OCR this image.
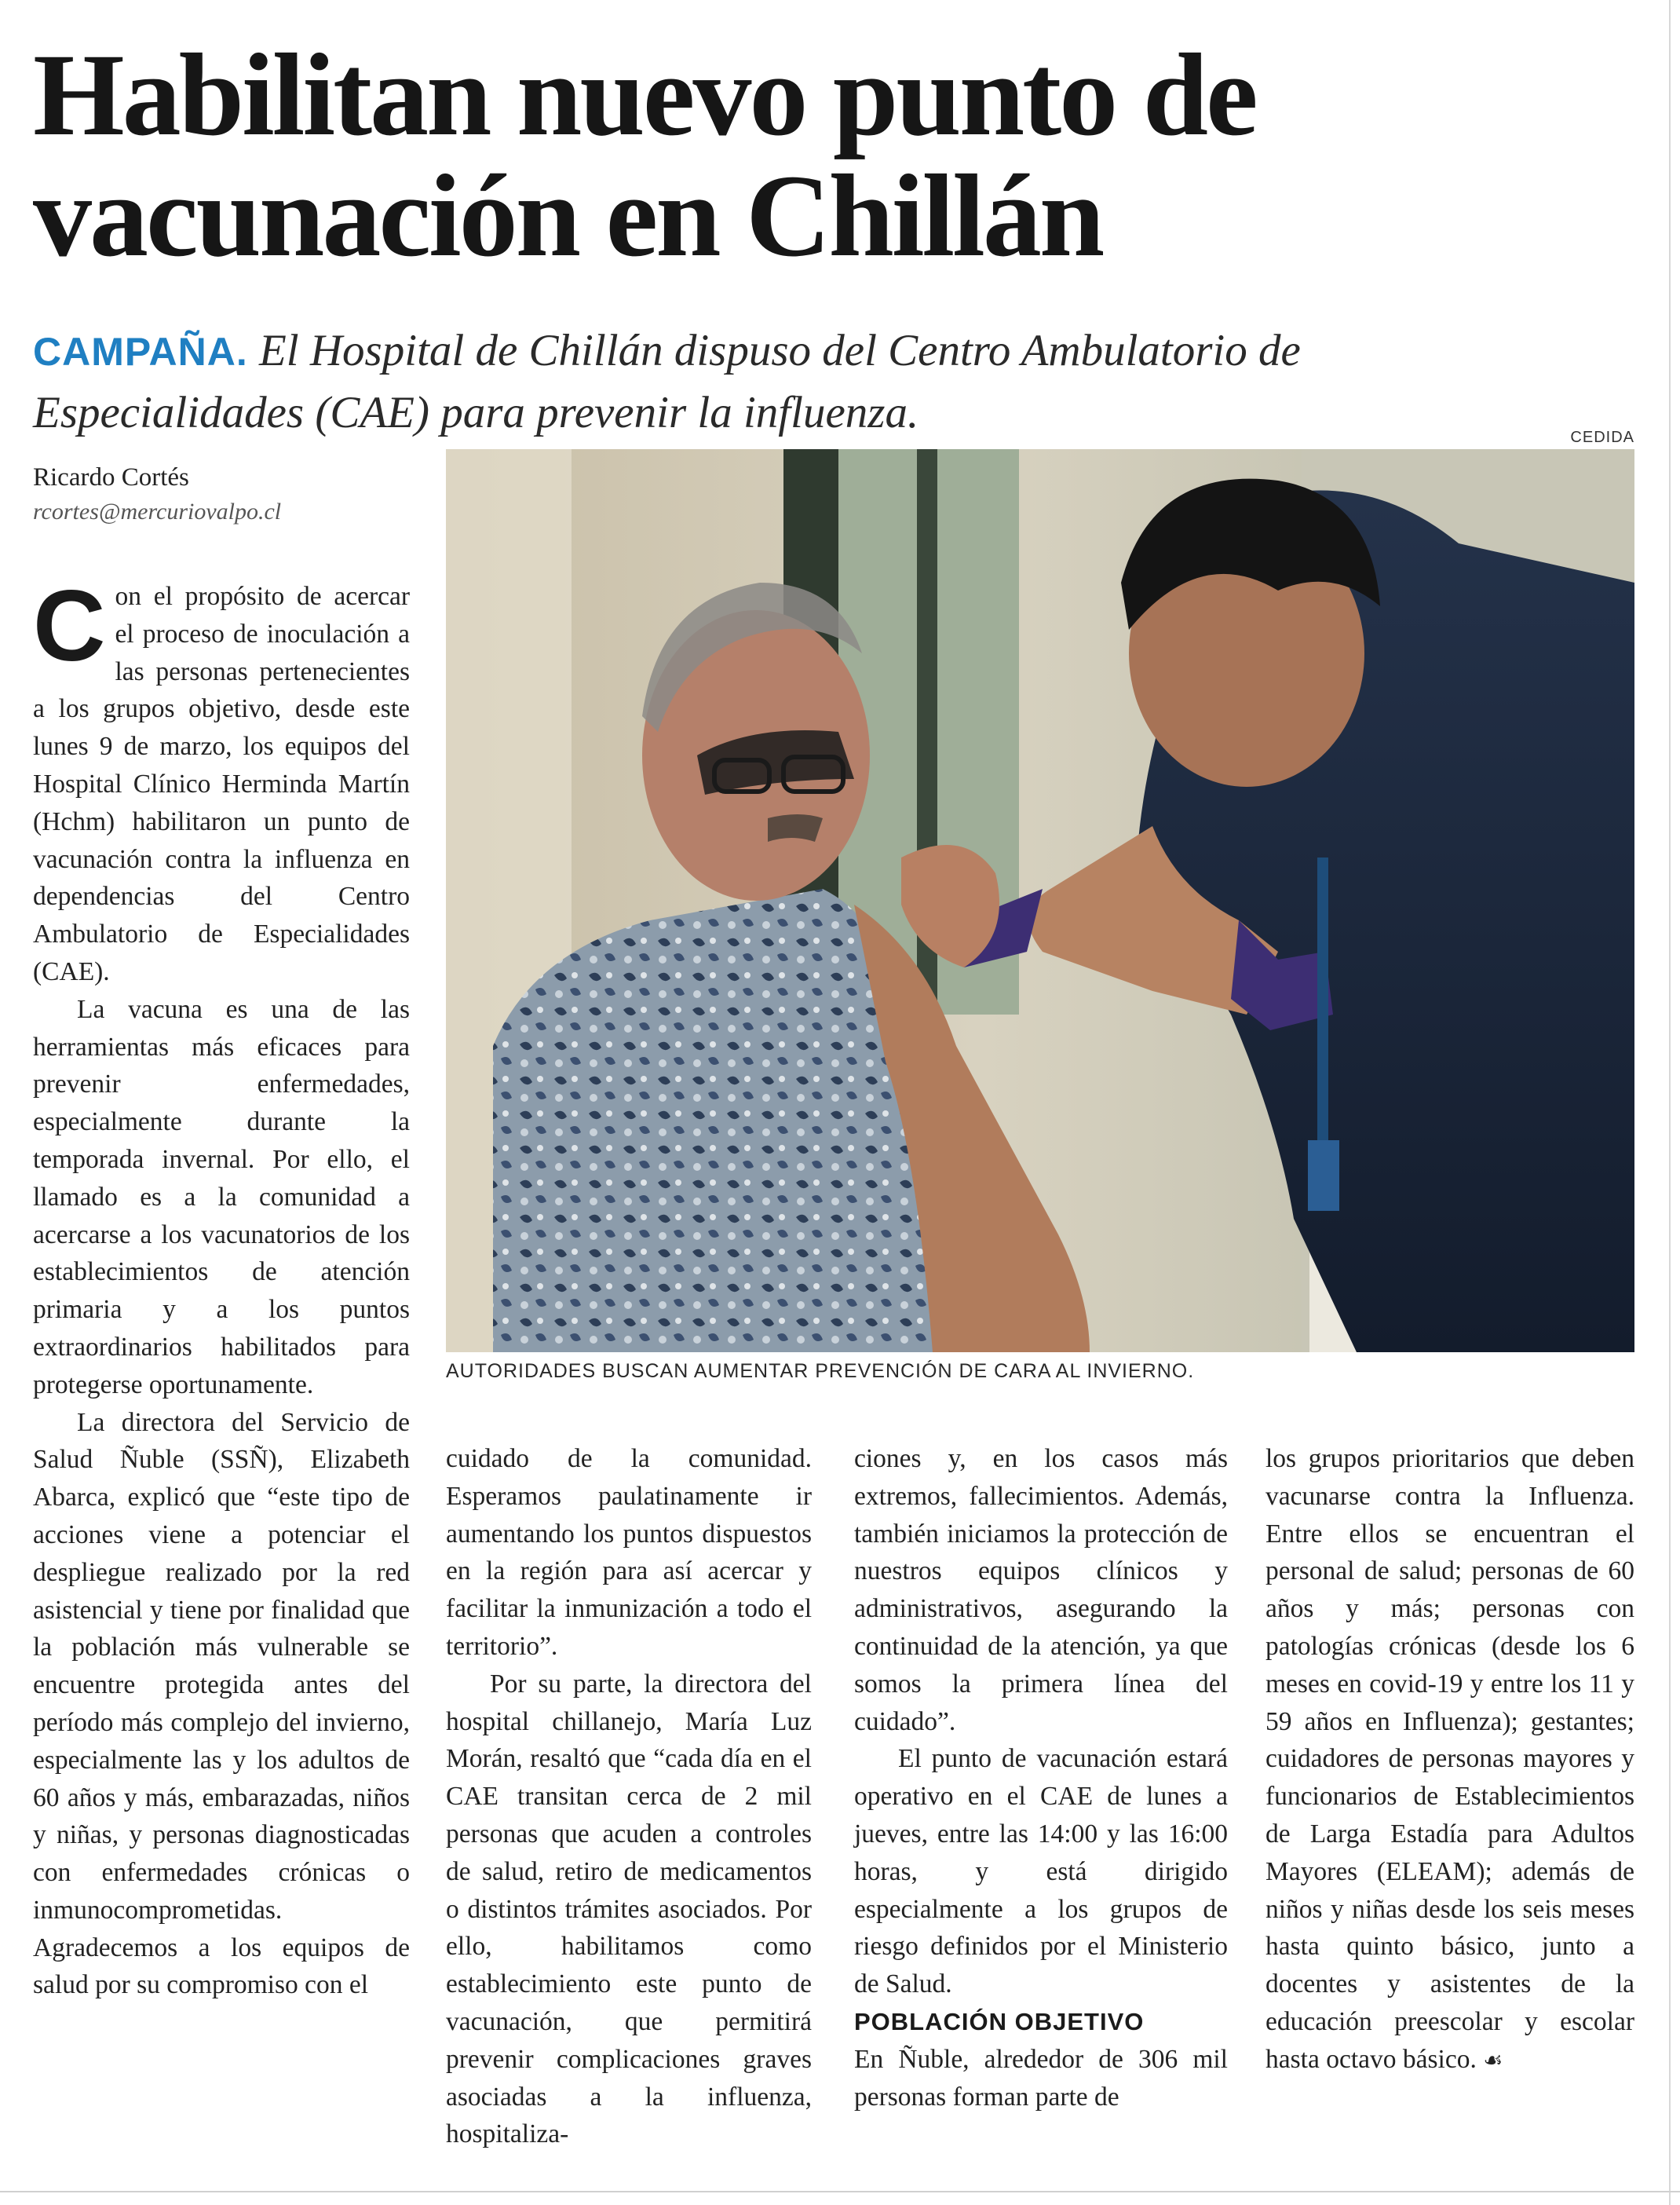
Habilitan nuevo punto de
vacunación en Chillán

CAMPAÑA. El Hospital de Chillán dispuso del Centro Ambulatorio de Especialidades (CAE) para prevenir la influenza.	CEDIDA
Ricardo Cortés
rcortes@mercuriovalpo.cl
AUTORIDADES BUSCAN AUMENTAR PREVENCIÓN DE CARA AL INVIERNO.

Con el propósito de acercar el proceso de inoculación a las personas pertenecientes a los grupos objetivo, desde este lunes 9 de marzo, los equipos del Hospital Clínico Herminda Martín (Hchm) habilitaron un punto de vacunación contra la influenza en dependencias del Centro Ambulatorio de Especialidades (CAE).

La vacuna es una de las herramientas más eficaces para prevenir enfermedades, especialmente durante la temporada invernal. Por ello, el llamado es a la comunidad a acercarse a los vacunatorios de los establecimientos de atención primaria y a los puntos extraordinarios habilitados para protegerse oportunamente.

La directora del Servicio de Salud Ñuble (SSÑ), Elizabeth Abarca, explicó que “este tipo de acciones viene a potenciar el despliegue realizado por la red asistencial y tiene por finalidad que la población más vulnerable se encuentre protegida antes del período más complejo del invierno, especialmente las y los adultos de 60 años y más, embarazadas, niños y niñas, y personas diagnosticadas con enfermedades crónicas o inmunocomprometidas. Agradecemos a los equipos de salud por su compromiso con el

cuidado de la comunidad. Esperamos paulatinamente ir aumentando los puntos dispuestos en la región para así acercar y facilitar la inmunización a todo el territorio”.

Por su parte, la directora del hospital chillanejo, María Luz Morán, resaltó que “cada día en el CAE transitan cerca de 2 mil personas que acuden a controles de salud, retiro de medicamentos o distintos trámites asociados. Por ello, habilitamos como establecimiento este punto de vacunación, que permitirá prevenir complicaciones graves asociadas a la influenza, hospitaliza-

ciones y, en los casos más extremos, fallecimientos. Además, también iniciamos la protección de nuestros equipos clínicos y administrativos, asegurando la continuidad de la atención, ya que somos la primera línea del cuidado”.

El punto de vacunación estará operativo en el CAE de lunes a jueves, entre las 14:00 y las 16:00 horas, y está dirigido especialmente a los grupos de riesgo definidos por el Ministerio de Salud.

POBLACIÓN OBJETIVO

En Ñuble, alrededor de 306 mil personas forman parte de

los grupos prioritarios que deben vacunarse contra la Influenza. Entre ellos se encuentran el personal de salud; personas de 60 años y más; personas con patologías crónicas (desde los 6 meses en covid-19 y entre los 11 y 59 años en Influenza); gestantes; cuidadores de personas mayores y funcionarios de Establecimientos de Larga Estadía para Adultos Mayores (ELEAM); además de niños y niñas desde los seis meses hasta quinto básico, junto a docentes y asistentes de la educación preescolar y escolar hasta octavo básico. ☙
